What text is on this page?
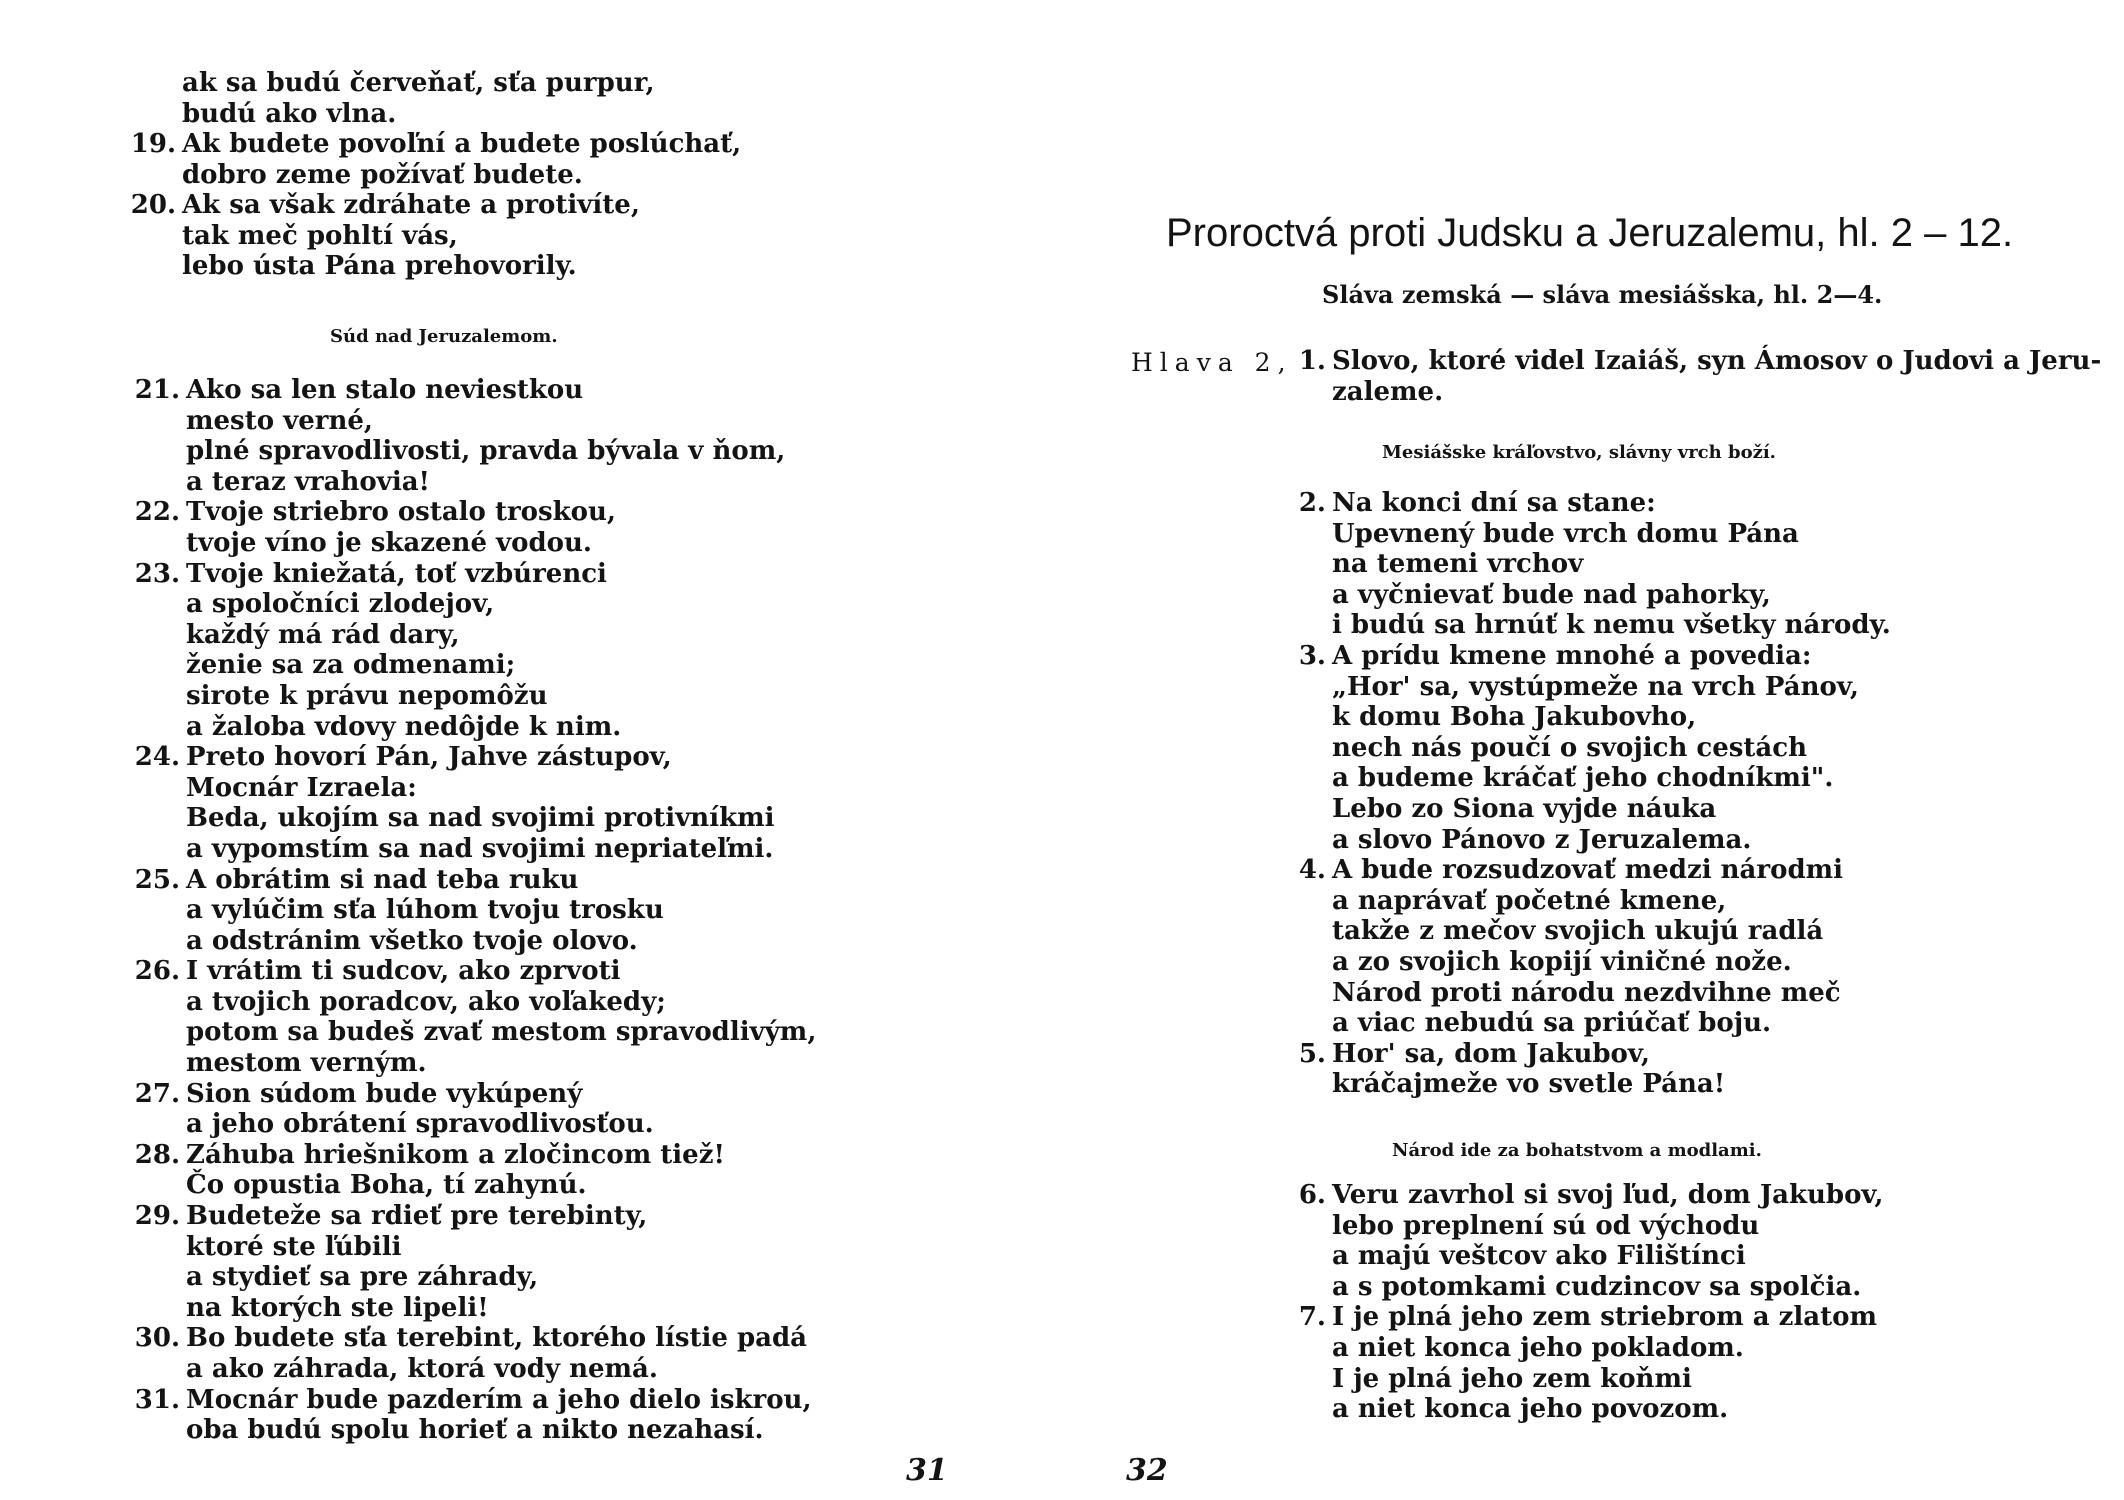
ak sa budú červeňať, sťa purpur,
budú ako vlna.
19. Ak budete povoľní a budete poslúchať,
dobro zeme požívať budete.
20. Ak sa však zdráhate a protivíte,
tak meč pohltí vás,
lebo ústa Pána prehovorily.
Súd nad Jeruzalemom.
21. Ako sa len stalo neviestkou
mesto verné,
plné spravodlivosti, pravda bývala v ňom,
a teraz vrahovia!
22. Tvoje striebro ostalo troskou,
tvoje víno je skazené vodou.
23. Tvoje kniežatá, toť vzbúrenci
a spoločníci zlodejov,
každý má rád dary,
ženie sa za odmenami;
sirote k právu nepomôžu
a žaloba vdovy nedôjde k nim.
24. Preto hovorí Pán, Jahve zástupov,
Mocnár Izraela:
Beda, ukojím sa nad svojimi protivníkmi
a vypomstím sa nad svojimi nepriateľmi.
25. A obrátim si nad teba ruku
a vylúčim sťa lúhom tvoju trosku
a odstránim všetko tvoje olovo.
26. I vrátim ti sudcov, ako zprvoti
a tvojich poradcov, ako voľakedy;
potom sa budeš zvať mestom spravodlivým,
mestom verným.
27. Sion súdom bude vykúpený
a jeho obrátení spravodlivosťou.
28. Záhuba hriešnikom a zločincom tiež!
Čo opustia Boha, tí zahynú.
29. Budeteže sa rdieť pre terebinty,
ktoré ste ľúbili
a stydieť sa pre záhrady,
na ktorých ste lipeli!
30. Bo budete sťa terebint, ktorého lístie padá
a ako záhrada, ktorá vody nemá.
31. Mocnár bude pazderím a jeho dielo iskrou,
oba budú spolu horieť a nikto nezahasí.
31
Proroctvá proti Judsku a Jeruzalemu, hl. 2 – 12.
Sláva zemská — sláva mesiášska, hl. 2—4.
Hlava 2, 1. Slovo, ktoré videl Izaiáš, syn Ámosov o Judovi a Jeru-
zaleme.
Mesiášske kráľovstvo, slávny vrch boží.
2. Na konci dní sa stane:
Upevnený bude vrch domu Pána
na temeni vrchov
a vyčnievať bude nad pahorky,
i budú sa hrnúť k nemu všetky národy.
3. A prídu kmene mnohé a povedia:
„Hor' sa, vystúpmeže na vrch Pánov,
k domu Boha Jakubovho,
nech nás poučí o svojich cestách
a budeme kráčať jeho chodníkmi".
Lebo zo Siona vyjde náuka
a slovo Pánovo z Jeruzalema.
4. A bude rozsudzovať medzi národmi
a naprávať početné kmene,
takže z mečov svojich ukujú radlá
a zo svojich kopijí viničné nože.
Národ proti národu nezdvihne meč
a viac nebudú sa priúčať boju.
5. Hor' sa, dom Jakubov,
kráčajmeže vo svetle Pána!
Národ ide za bohatstvom a modlami.
6. Veru zavrhol si svoj ľud, dom Jakubov,
lebo preplnení sú od východu
a majú veštcov ako Filištínci
a s potomkami cudzincov sa spolčia.
7. I je plná jeho zem striebrom a zlatom
a niet konca jeho pokladom.
I je plná jeho zem koňmi
a niet konca jeho povozom.
32
